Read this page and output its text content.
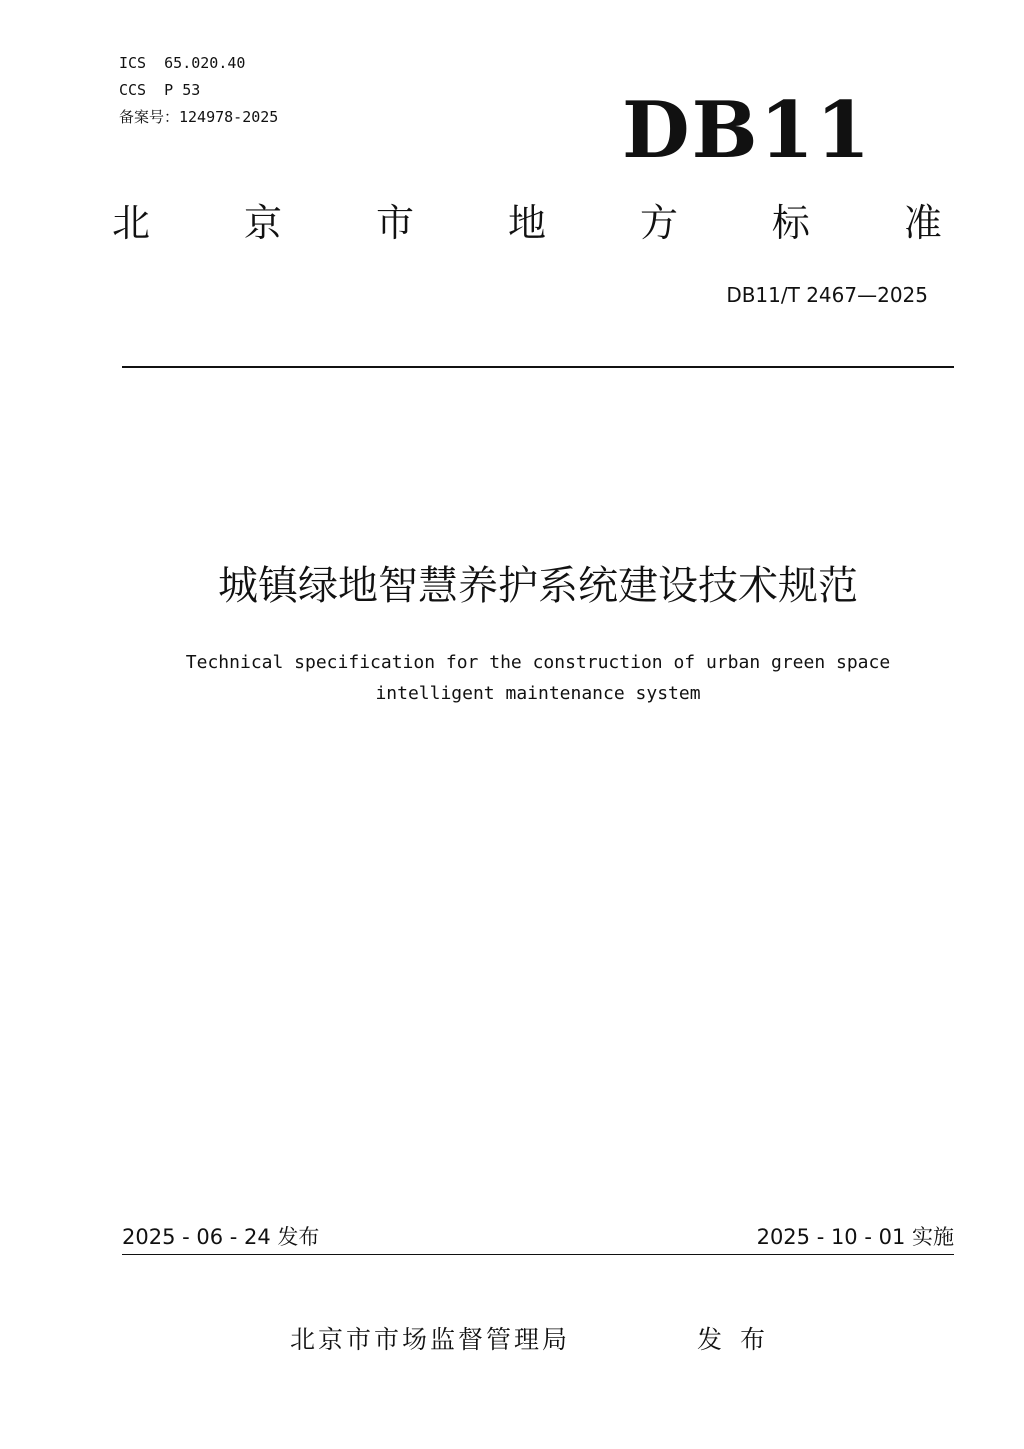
ICS  65.020.40
CCS  P 53
备案号：124978-2025	DB11
北 京 市 地 方 标 准
DB11/T 2467—2025
城镇绿地智慧养护系统建设技术规范
Technical specification for the construction of urban green space
intelligent maintenance system
2025 - 06 - 24 发布	2025 - 10 - 01 实施
北京市市场监督管理局	发布
